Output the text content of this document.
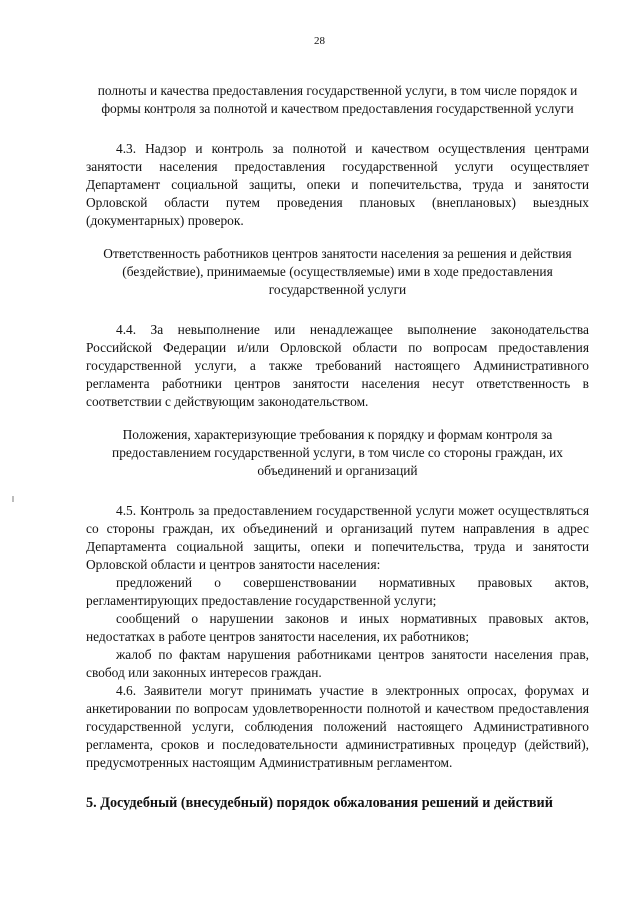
28

полноты и качества предоставления государственной услуги, в том числе порядок и формы контроля за полнотой и качеством предоставления государственной услуги

4.3. Надзор и контроль за полнотой и качеством осуществления центрами занятости населения предоставления государственной услуги осуществляет Департамент социальной защиты, опеки и попечительства, труда и занятости Орловской области путем проведения плановых (внеплановых) выездных (документарных) проверок.

Ответственность работников центров занятости населения за решения и действия (бездействие), принимаемые (осуществляемые) ими в ходе предоставления государственной услуги

4.4. За невыполнение или ненадлежащее выполнение законодательства Российской Федерации и/или Орловской области по вопросам предоставления государственной услуги, а также требований настоящего Административного регламента работники центров занятости населения несут ответственность в соответствии с действующим законодательством.

Положения, характеризующие требования к порядку и формам контроля за предоставлением государственной услуги, в том числе со стороны граждан, их объединений и организаций

4.5. Контроль за предоставлением государственной услуги может осуществляться со стороны граждан, их объединений и организаций путем направления в адрес Департамента социальной защиты, опеки и попечительства, труда и занятости Орловской области и центров занятости населения:

предложений о совершенствовании нормативных правовых актов, регламентирующих предоставление государственной услуги;

сообщений о нарушении законов и иных нормативных правовых актов, недостатках в работе центров занятости населения, их работников;

жалоб по фактам нарушения работниками центров занятости населения прав, свобод или законных интересов граждан.

4.6. Заявители могут принимать участие в электронных опросах, форумах и анкетировании по вопросам удовлетворенности полнотой и качеством предоставления государственной услуги, соблюдения положений настоящего Административного регламента, сроков и последовательности административных процедур (действий), предусмотренных настоящим Административным регламентом.

5. Досудебный (внесудебный) порядок обжалования решений и действий
